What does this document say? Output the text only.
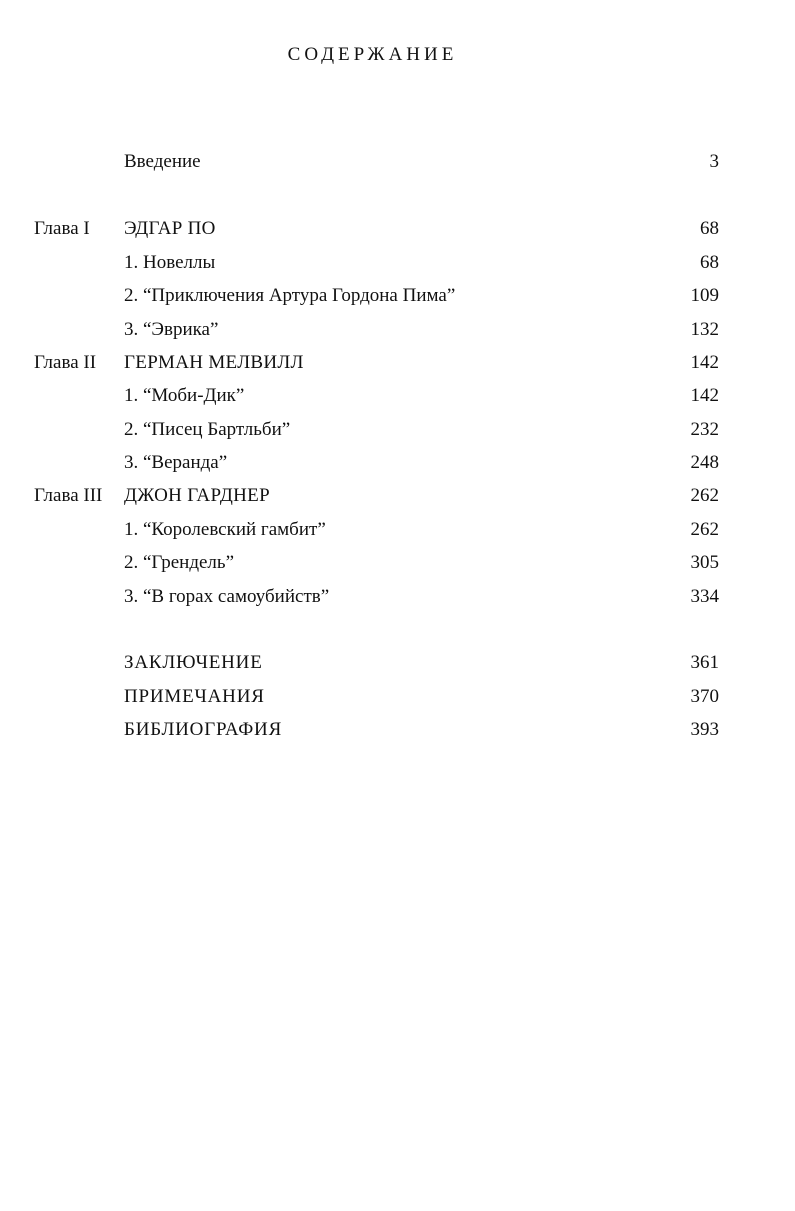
СОДЕРЖАНИЕ
Введение	3
Глава I ЭДГАР ПО	68
1. Новеллы	68
2. “Приключения Артура Гордона Пима”	109
3. “Эврика”	132
Глава II ГЕРМАН МЕЛВИЛЛ	142
1. “Моби-Дик”	142
2. “Писец Бартльби”	232
3. “Веранда”	248
Глава III ДЖОН ГАРДНЕР	262
1. “Королевский гамбит”	262
2. “Грендель”	305
3. “В горах самоубийств”	334
ЗАКЛЮЧЕНИЕ	361
ПРИМЕЧАНИЯ	370
БИБЛИОГРАФИЯ	393
